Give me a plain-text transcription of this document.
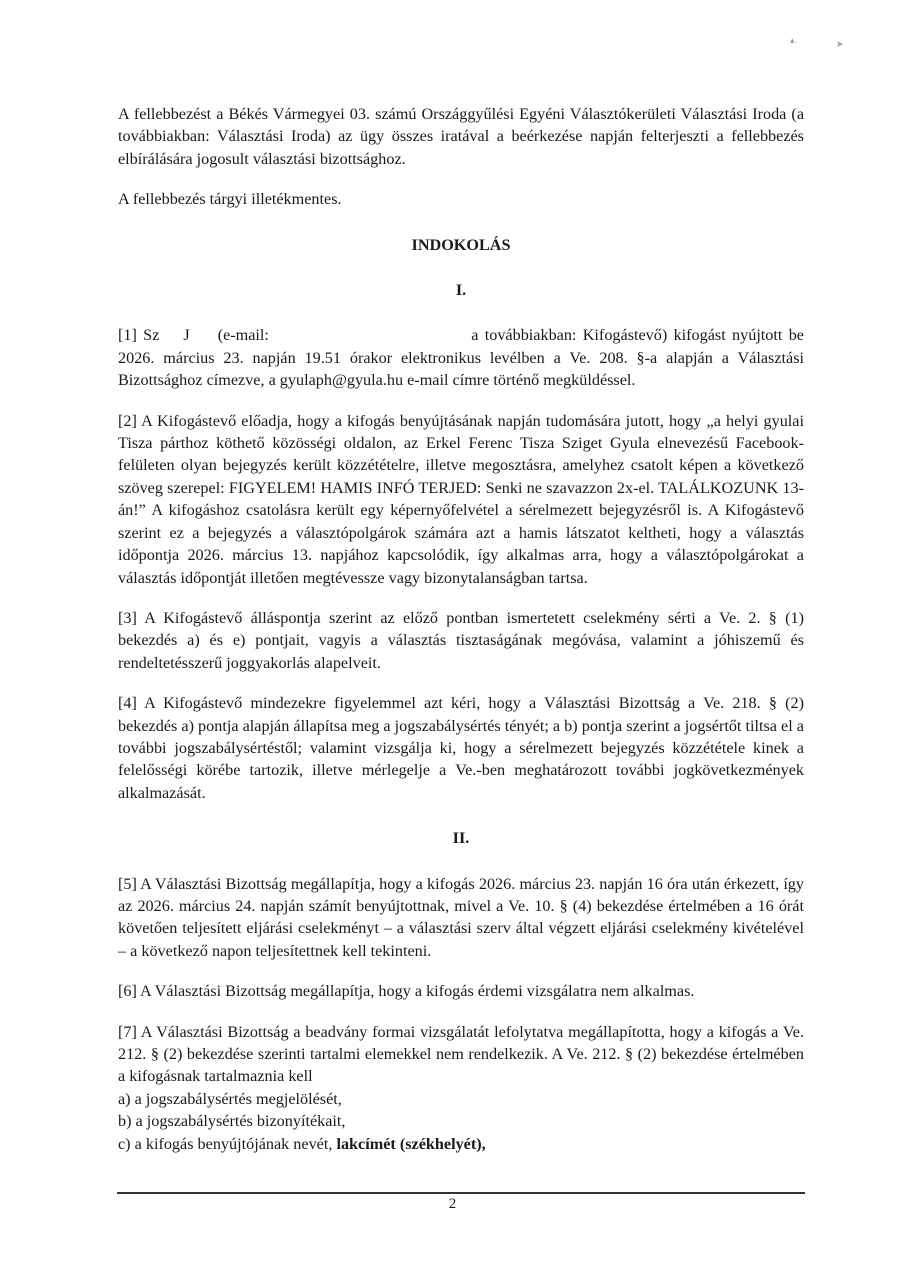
▴.	➤

A fellebbezést a Békés Vármegyei 03. számú Országgyűlési Egyéni Választókerületi Választási Iroda (a továbbiakban: Választási Iroda) az ügy összes iratával a beérkezése napján felterjeszti a fellebbezés elbírálására jogosult választási bizottsághoz.

A fellebbezés tárgyi illetékmentes.

INDOKOLÁS

I.

[1] Sz J (e-mail:	a továbbiakban: Kifogástevő) kifogást nyújtott be 2026. március 23. napján 19.51 órakor elektronikus levélben a Ve. 208. §-a alapján a Választási Bizottsághoz címezve, a gyulaph@gyula.hu e-mail címre történő megküldéssel.

[2] A Kifogástevő előadja, hogy a kifogás benyújtásának napján tudomására jutott, hogy „a helyi gyulai Tisza párthoz köthető közösségi oldalon, az Erkel Ferenc Tisza Sziget Gyula elnevezésű Facebook-felületen olyan bejegyzés került közzétételre, illetve megosztásra, amelyhez csatolt képen a következő szöveg szerepel: FIGYELEM! HAMIS INFÓ TERJED: Senki ne szavazzon 2x-el. TALÁLKOZUNK 13-án!” A kifogáshoz csatolásra került egy képernyőfelvétel a sérelmezett bejegyzésről is. A Kifogástevő szerint ez a bejegyzés a választópolgárok számára azt a hamis látszatot keltheti, hogy a választás időpontja 2026. március 13. napjához kapcsolódik, így alkalmas arra, hogy a választópolgárokat a választás időpontját illetően megtévessze vagy bizonytalanságban tartsa.

[3] A Kifogástevő álláspontja szerint az előző pontban ismertetett cselekmény sérti a Ve. 2. § (1) bekezdés a) és e) pontjait, vagyis a választás tisztaságának megóvása, valamint a jóhiszemű és rendeltetésszerű joggyakorlás alapelveit.

[4] A Kifogástevő mindezekre figyelemmel azt kéri, hogy a Választási Bizottság a Ve. 218. § (2) bekezdés a) pontja alapján állapítsa meg a jogszabálysértés tényét; a b) pontja szerint a jogsértőt tiltsa el a további jogszabálysértéstől; valamint vizsgálja ki, hogy a sérelmezett bejegyzés közzététele kinek a felelősségi körébe tartozik, illetve mérlegelje a Ve.-ben meghatározott további jogkövetkezmények alkalmazását.

II.

[5] A Választási Bizottság megállapítja, hogy a kifogás 2026. március 23. napján 16 óra után érkezett, így az 2026. március 24. napján számít benyújtottnak, mivel a Ve. 10. § (4) bekezdése értelmében a 16 órát követően teljesített eljárási cselekményt – a választási szerv által végzett eljárási cselekmény kivételével – a következő napon teljesítettnek kell tekinteni.

[6] A Választási Bizottság megállapítja, hogy a kifogás érdemi vizsgálatra nem alkalmas.

[7] A Választási Bizottság a beadvány formai vizsgálatát lefolytatva megállapította, hogy a kifogás a Ve. 212. § (2) bekezdése szerinti tartalmi elemekkel nem rendelkezik. A Ve. 212. § (2) bekezdése értelmében a kifogásnak tartalmaznia kell

a) a jogszabálysértés megjelölését,

b) a jogszabálysértés bizonyítékait,

c) a kifogás benyújtójának nevét, lakcímét (székhelyét),

2
